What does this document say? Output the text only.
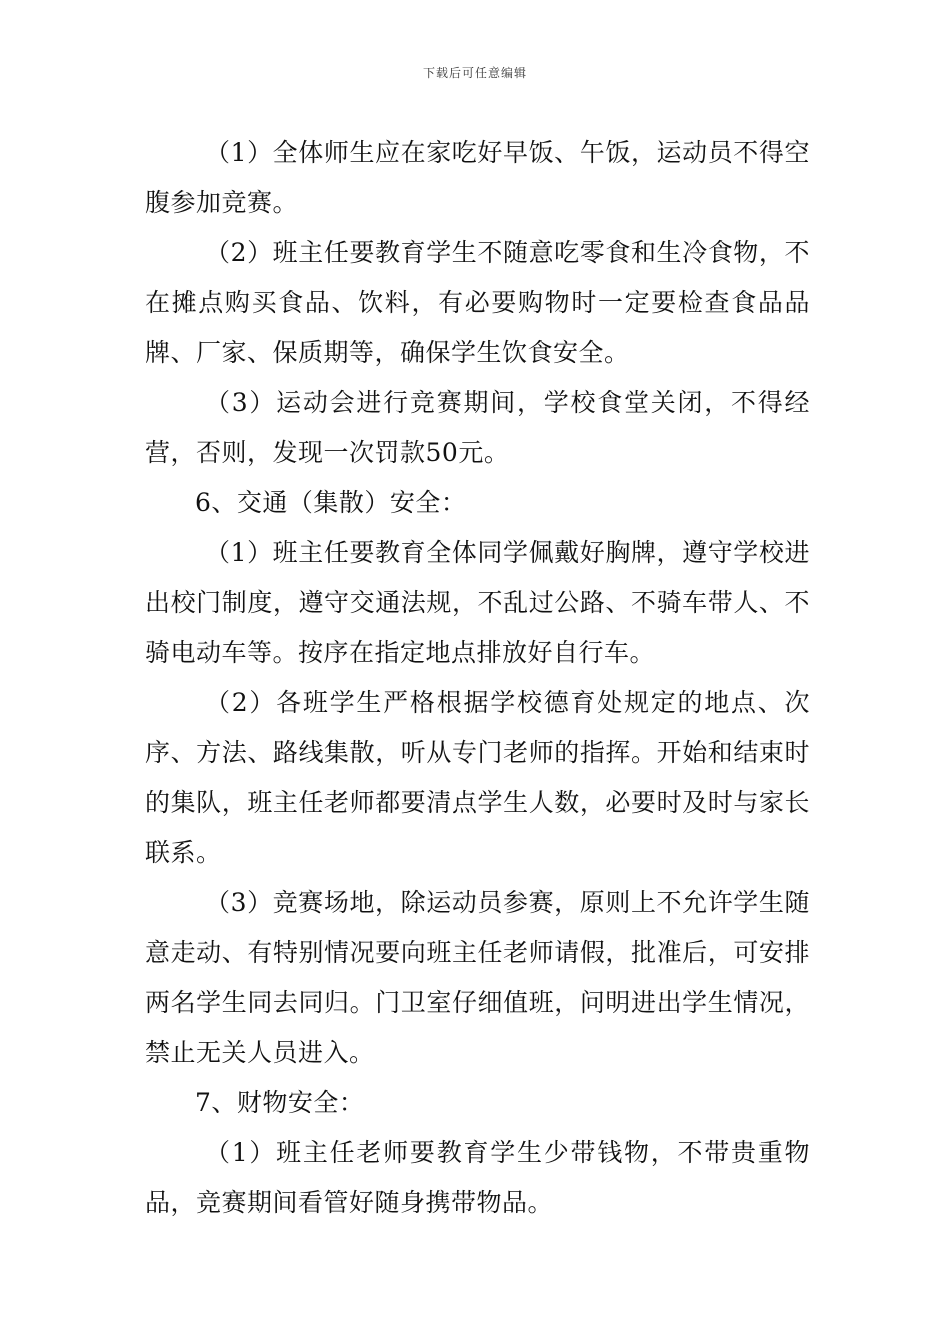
下载后可任意编辑

（1）全体师生应在家吃好早饭、午饭，运动员不得空腹参加竞赛。

（2）班主任要教育学生不随意吃零食和生冷食物，不在摊点购买食品、饮料，有必要购物时一定要检查食品品牌、厂家、保质期等，确保学生饮食安全。

（3）运动会进行竞赛期间，学校食堂关闭，不得经营，否则，发现一次罚款50元。

6、交通（集散）安全：

（1）班主任要教育全体同学佩戴好胸牌，遵守学校进出校门制度，遵守交通法规，不乱过公路、不骑车带人、不骑电动车等。按序在指定地点排放好自行车。

（2）各班学生严格根据学校德育处规定的地点、次序、方法、路线集散，听从专门老师的指挥。开始和结束时的集队，班主任老师都要清点学生人数，必要时及时与家长联系。

（3）竞赛场地，除运动员参赛，原则上不允许学生随意走动、有特别情况要向班主任老师请假，批准后，可安排两名学生同去同归。门卫室仔细值班，问明进出学生情况，禁止无关人员进入。

7、财物安全：

（1）班主任老师要教育学生少带钱物，不带贵重物品，竞赛期间看管好随身携带物品。
